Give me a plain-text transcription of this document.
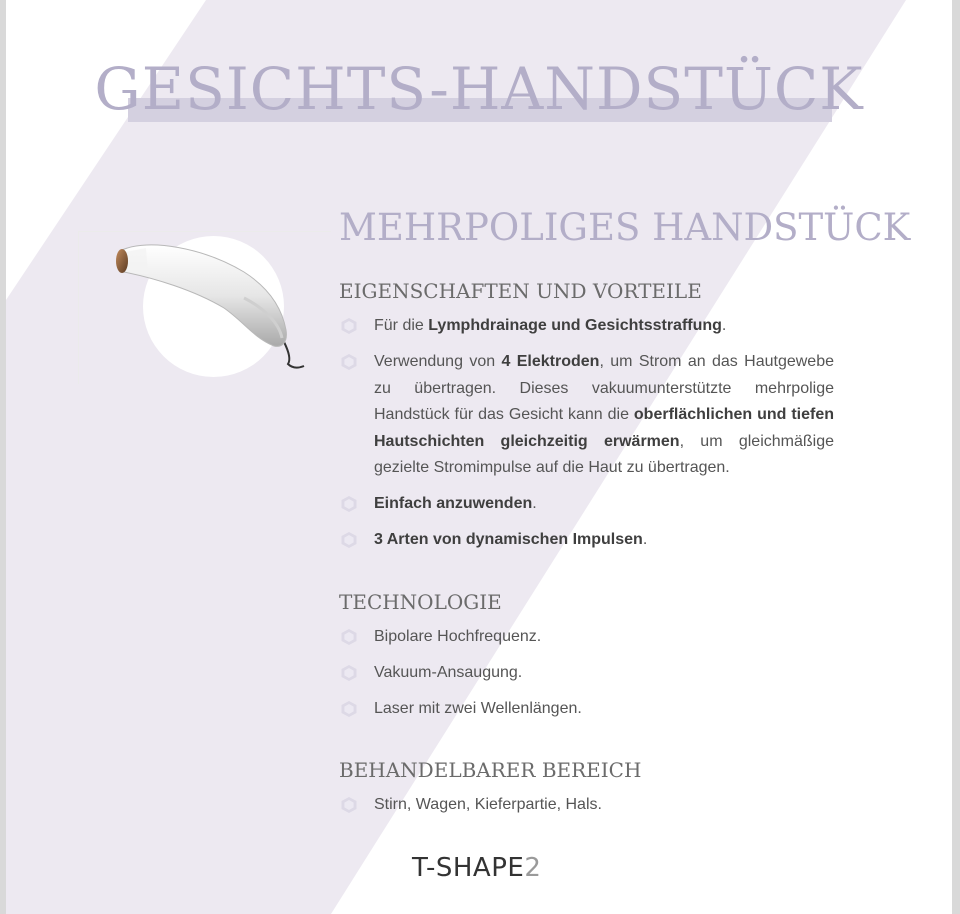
GESICHTS-HANDSTÜCK
MEHRPOLIGES HANDSTÜCK
EIGENSCHAFTEN UND VORTEILE
Für die Lymphdrainage und Gesichtsstraffung.
Verwendung von 4 Elektroden, um Strom an das Hautgewebe zu übertragen. Dieses vakuumunterstützte mehrpolige Handstück für das Gesicht kann die oberflächlichen und tiefen Hautschichten gleichzeitig erwärmen, um gleichmäßige gezielte Stromimpulse auf die Haut zu übertragen.
Einfach anzuwenden.
3 Arten von dynamischen Impulsen.
TECHNOLOGIE
Bipolare Hochfrequenz.
Vakuum-Ansaugung.
Laser mit zwei Wellenlängen.
BEHANDELBARER BEREICH
Stirn, Wagen, Kieferpartie, Hals.
T-SHAPE2
